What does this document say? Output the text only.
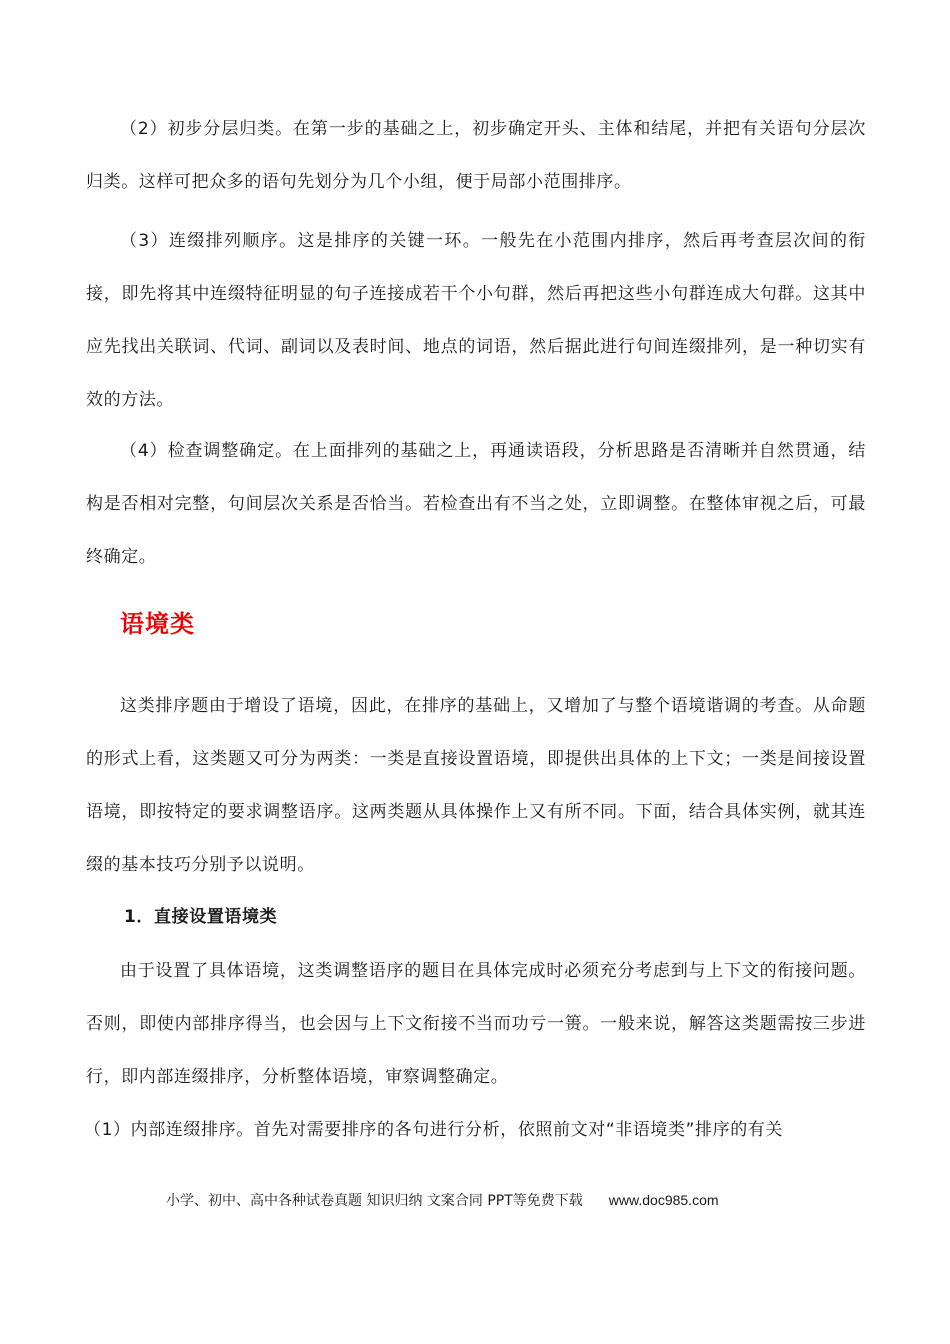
（2）初步分层归类。在第一步的基础之上，初步确定开头、主体和结尾，并把有关语句分层次归类。这样可把众多的语句先划分为几个小组，便于局部小范围排序。

（3）连缀排列顺序。这是排序的关键一环。一般先在小范围内排序，然后再考查层次间的衔接，即先将其中连缀特征明显的句子连接成若干个小句群，然后再把这些小句群连成大句群。这其中应先找出关联词、代词、副词以及表时间、地点的词语，然后据此进行句间连缀排列，是一种切实有效的方法。

（4）检查调整确定。在上面排列的基础之上，再通读语段，分析思路是否清晰并自然贯通，结构是否相对完整，句间层次关系是否恰当。若检查出有不当之处，立即调整。在整体审视之后，可最终确定。

语境类

这类排序题由于增设了语境，因此，在排序的基础上，又增加了与整个语境谐调的考查。从命题的形式上看，这类题又可分为两类：一类是直接设置语境，即提供出具体的上下文；一类是间接设置语境，即按特定的要求调整语序。这两类题从具体操作上又有所不同。下面，结合具体实例，就其连缀的基本技巧分别予以说明。

1．直接设置语境类

由于设置了具体语境，这类调整语序的题目在具体完成时必须充分考虑到与上下文的衔接问题。否则，即使内部排序得当，也会因与上下文衔接不当而功亏一篑。一般来说，解答这类题需按三步进行，即内部连缀排序，分析整体语境，审察调整确定。

（1）内部连缀排序。首先对需要排序的各句进行分析，依照前文对“非语境类”排序的有关

小学、初中、高中各种试卷真题 知识归纳 文案合同 PPT等免费下载 www.doc985.com
